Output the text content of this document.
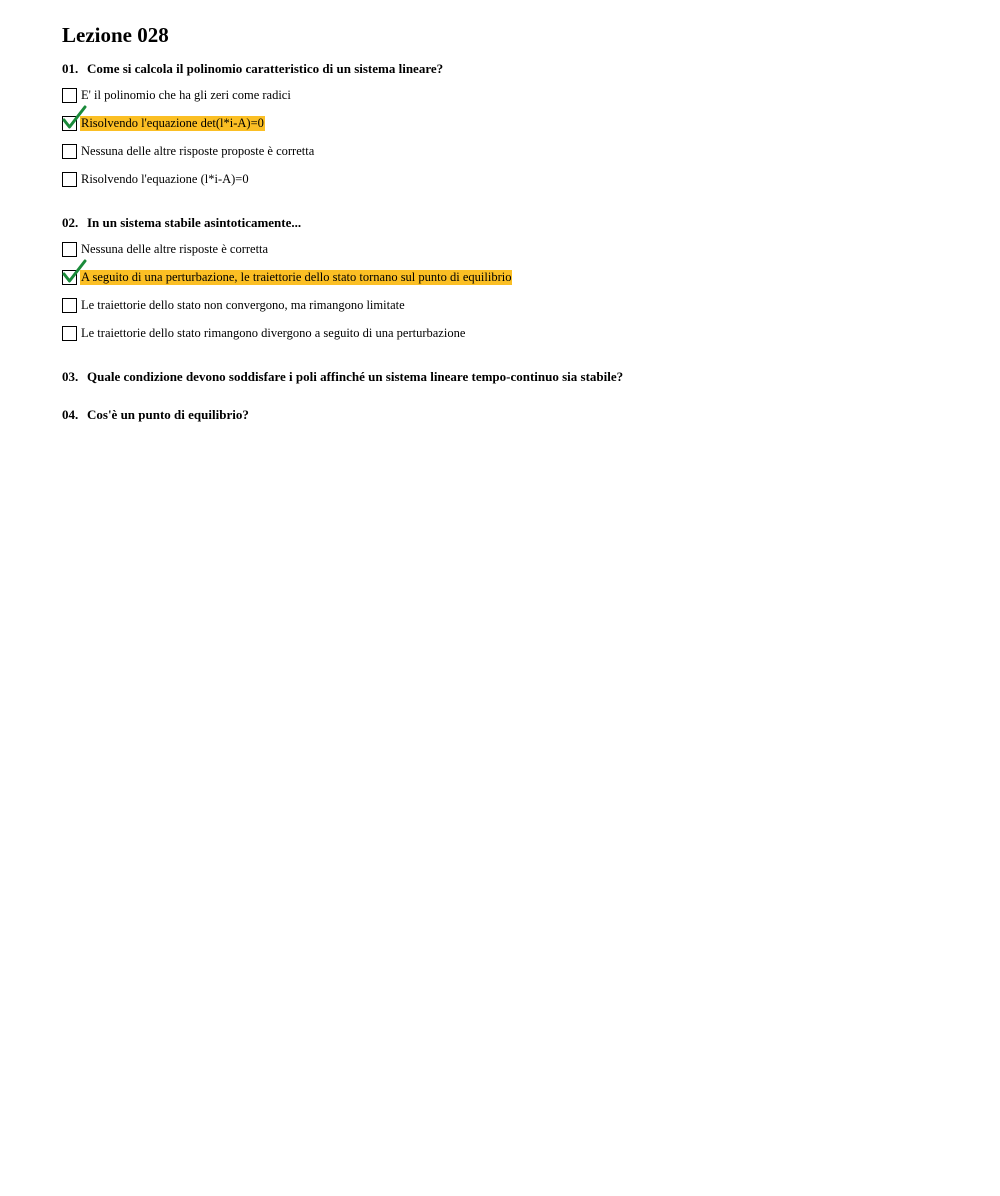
Lezione 028
01. Come si calcola il polinomio caratteristico di un sistema lineare?
E' il polinomio che ha gli zeri come radici
Risolvendo l'equazione det(l*i-A)=0
Nessuna delle altre risposte proposte è corretta
Risolvendo l'equazione (l*i-A)=0
02. In un sistema stabile asintoticamente...
Nessuna delle altre risposte è corretta
A seguito di una perturbazione, le traiettorie dello stato tornano sul punto di equilibrio
Le traiettorie dello stato non convergono, ma rimangono limitate
Le traiettorie dello stato rimangono divergono a seguito di una perturbazione
03. Quale condizione devono soddisfare i poli affinché un sistema lineare tempo-continuo sia stabile?
04. Cos'è un punto di equilibrio?
